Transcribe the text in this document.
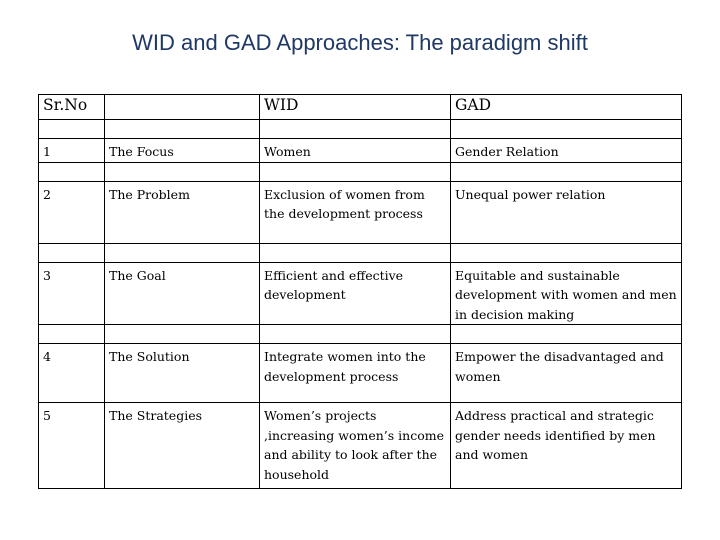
WID and GAD Approaches: The paradigm shift
Sr.No		WID	GAD

1	The Focus	Women	Gender Relation

2	The Problem	Exclusion of women from the development process	Unequal power relation

3	The Goal	Efficient and effective development	Equitable and sustainable development with women and men in decision making

4	The Solution	Integrate women into the development process	Empower the disadvantaged and women
5	The Strategies	Women’s projects ,increasing women’s income and ability to look after the household	Address practical and strategic gender needs identified by men and women
